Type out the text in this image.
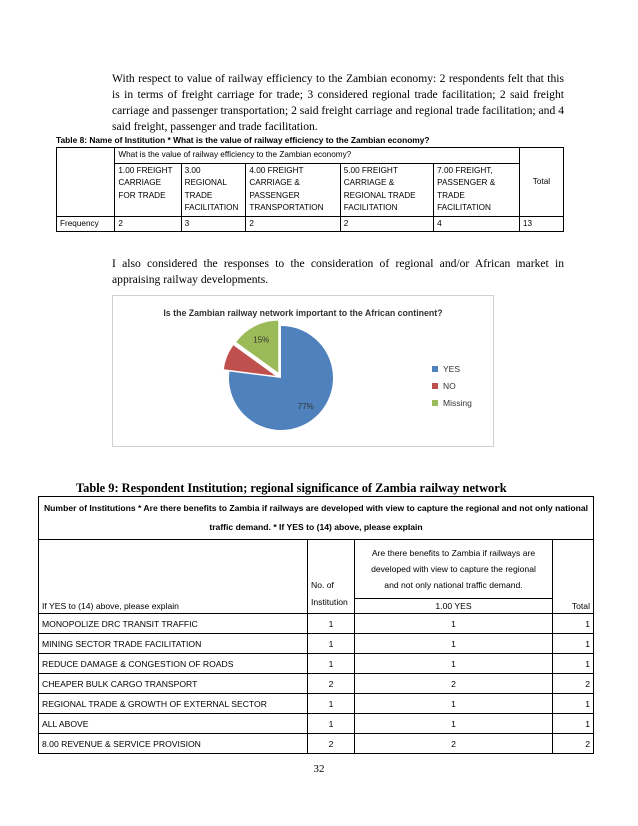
With respect to value of railway efficiency to the Zambian economy: 2 respondents felt that this is in terms of freight carriage for trade; 3 considered regional trade facilitation; 2 said freight carriage and passenger transportation; 2 said freight carriage and regional trade facilitation; and 4 said freight, passenger and trade facilitation.
Table 8: Name of Institution * What is the value of railway efficiency to the Zambian economy?
	What is the value of railway efficiency to the Zambian economy?					Total
	1.00 FREIGHT CARRIAGE FOR TRADE	3.00 REGIONAL TRADE FACILITATION	4.00 FREIGHT CARRIAGE & PASSENGER TRANSPORTATION	5.00 FREIGHT CARRIAGE & REGIONAL TRADE FACILITATION	7.00 FREIGHT, PASSENGER & TRADE FACILITATION	
Frequency	2	3	2	2	4	13
I also considered the responses to the consideration of regional and/or African market in appraising railway developments.
Is the Zambian railway network important to the African continent?
77%
15%
YES
NO
Missing
Table 9: Respondent Institution; regional significance of Zambia railway network
Number of Institutions * Are there benefits to Zambia if railways are developed with view to capture the regional and not only national traffic demand. * If YES to (14) above, please explain			
If YES to (14) above, please explain	No. of Institution	Are there benefits to Zambia if railways are developed with view to capture the regional and not only national traffic demand.	Total
		1.00 YES	
MONOPOLIZE DRC TRANSIT TRAFFIC	1	1	1
MINING SECTOR TRADE FACILITATION	1	1	1
REDUCE DAMAGE & CONGESTION OF ROADS	1	1	1
CHEAPER BULK CARGO TRANSPORT	2	2	2
REGIONAL TRADE & GROWTH OF EXTERNAL SECTOR	1	1	1
ALL ABOVE	1	1	1
8.00 REVENUE & SERVICE PROVISION	2	2	2
32
